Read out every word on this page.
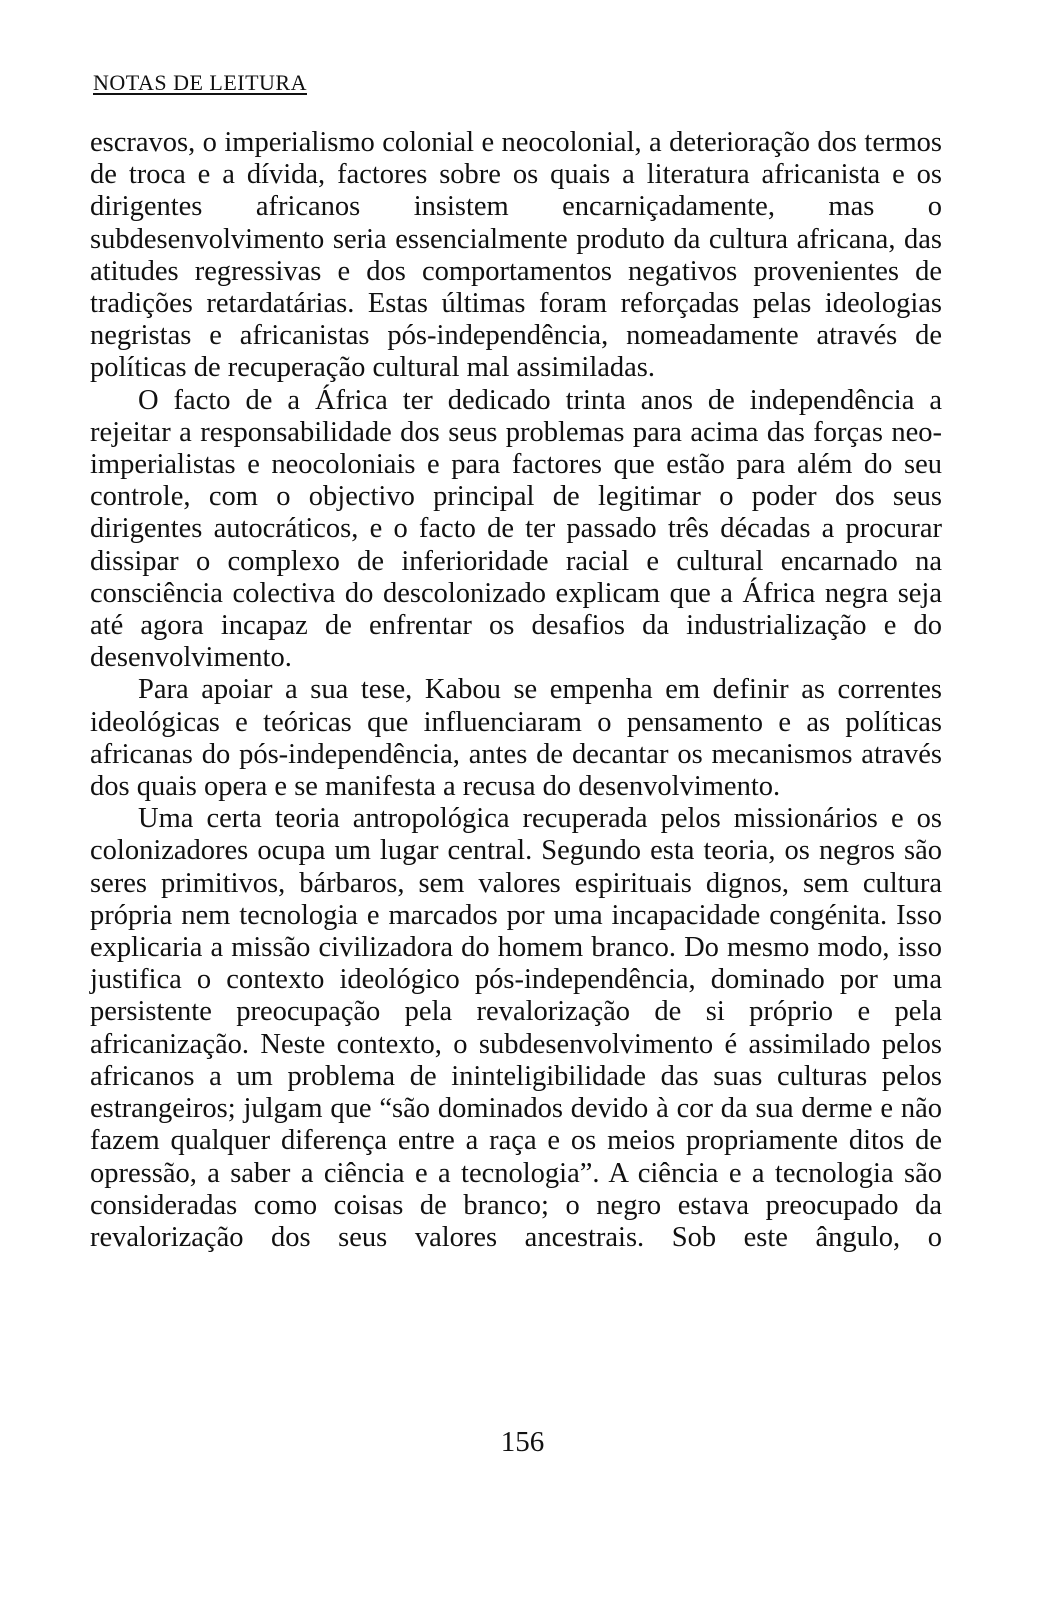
NOTAS DE LEITURA

escravos, o imperialismo colonial e neocolonial, a deterioração dos termos de troca e a dívida, factores sobre os quais a literatura africanista e os dirigentes africanos insistem encarniçadamente, mas o subdesenvolvimento seria essencialmente produto da cultura africana, das atitudes regressivas e dos comportamentos negativos provenientes de tradições retardatárias. Estas últimas foram reforçadas pelas ideologias negristas e africanistas pós-independência, nomeadamente através de políticas de recuperação cultural mal assimiladas.

O facto de a África ter dedicado trinta anos de independência a rejeitar a responsabilidade dos seus problemas para acima das forças neo-imperialistas e neocoloniais e para factores que estão para além do seu controle, com o objectivo principal de legitimar o poder dos seus dirigentes autocráticos, e o facto de ter passado três décadas a procurar dissipar o complexo de inferioridade racial e cultural encarnado na consciência colectiva do descolonizado explicam que a África negra seja até agora incapaz de enfrentar os desafios da industrialização e do desenvolvimento.

Para apoiar a sua tese, Kabou se empenha em definir as correntes ideológicas e teóricas que influenciaram o pensamento e as políticas africanas do pós-independência, antes de decantar os mecanismos através dos quais opera e se manifesta a recusa do desenvolvimento.

Uma certa teoria antropológica recuperada pelos missionários e os colonizadores ocupa um lugar central. Segundo esta teoria, os negros são seres primitivos, bárbaros, sem valores espirituais dignos, sem cultura própria nem tecnologia e marcados por uma incapacidade congénita. Isso explicaria a missão civilizadora do homem branco. Do mesmo modo, isso justifica o contexto ideológico pós-independência, dominado por uma persistente preocupação pela revalorização de si próprio e pela africanização. Neste contexto, o subdesenvolvimento é assimilado pelos africanos a um problema de ininteligibilidade das suas culturas pelos estrangeiros; julgam que “são dominados devido à cor da sua derme e não fazem qualquer diferença entre a raça e os meios propriamente ditos de opressão, a saber a ciência e a tecnologia”. A ciência e a tecnologia são consideradas como coisas de branco; o negro estava preocupado da revalorização dos seus valores ancestrais. Sob este ângulo, o

156
